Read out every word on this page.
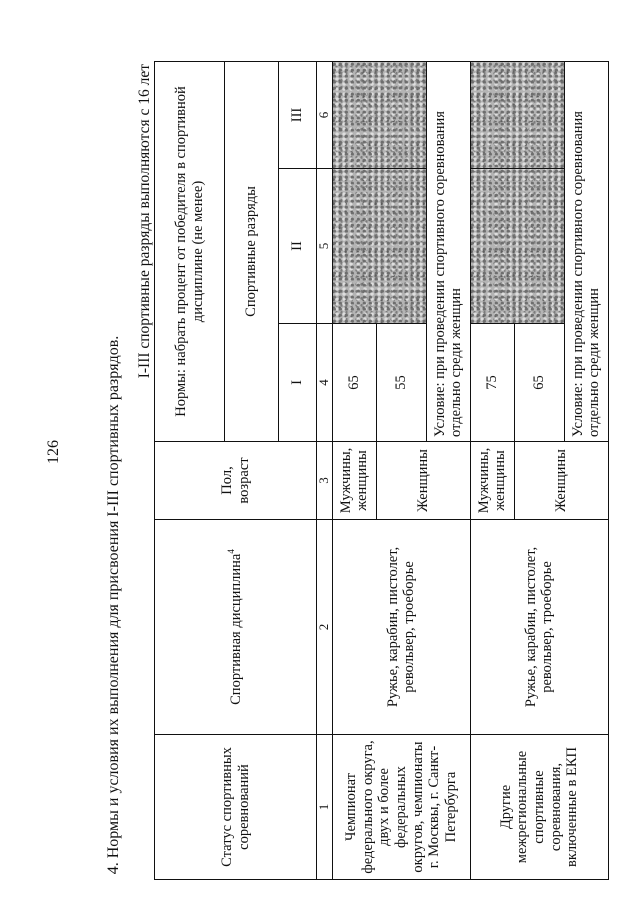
126	4. Нормы и условия их выполнения для присвоения I-III спортивных разрядов.
I-III спортивные разряды выполняются с 16 лет
Статус спортивных соревнований	Спортивная дисциплина$^4$	Пол, возраст	Нормы: набрать процент от победителя в спортивной дисциплине (не менее)		
			Спортивные разряды		
			I	II	III
1	2	3	4	5	6
Чемпионат федерального округа, двух и более федеральных округов, чемпионаты г. Москвы, г. Санкт-Петербурга	Ружье, карабин, пистолет, револьвер, троеборье	Мужчины, женщины	65		
		Женщины	55		
			Условие: при проведении спортивного соревнования отдельно среди женщин		
Другие межрегиональные спортивные соревнования, включенные в ЕКП	Ружье, карабин, пистолет, револьвер, троеборье	Мужчины, женщины	75		
		Женщины	65		
			Условие: при проведении спортивного соревнования отдельно среди женщин		
